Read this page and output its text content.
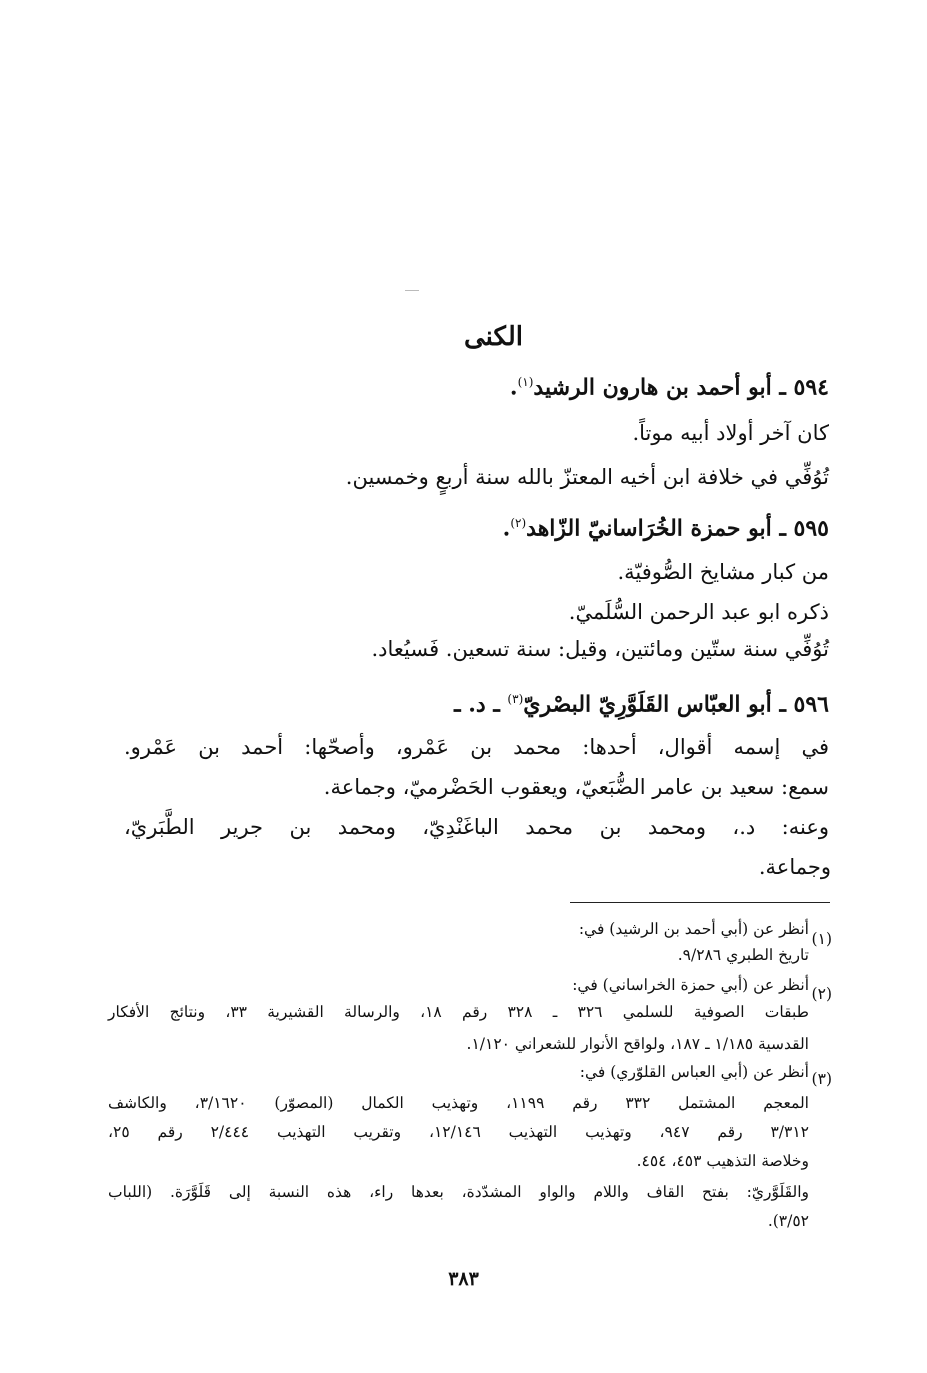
الكنى
٥٩٤ ـ أبو أحمد بن هارون الرشيد$^{(١)}$.
كان آخر أولاد أبيه موتاً.
تُوُفِّي في خلافة ابن أخيه المعتزّ بالله سنة أربعٍ وخمسين.
٥٩٥ ـ أبو حمزة الخُرَاسانيّ الزّاهد$^{(٢)}$.
من كبار مشايخ الصُّوفيّة.
ذكره ابو عبد الرحمن السُّلَميّ.
تُوُفِّي سنة ستّين ومائتين، وقيل: سنة تسعين. فَسيُعاد.
٥٩٦ ـ أبو العبّاس القَلَوَّرِيّ البصْريّ$^{(٣)}$ ـ د. ـ
في إسمه أقوال، أحدها: محمد بن عَمْرو، وأصحّها: أحمد بن عَمْرو.
سمع: سعيد بن عامر الضُّبَعيّ، ويعقوب الحَضْرميّ، وجماعة.
وعنه: د.، ومحمد بن محمد الباغَنْدِيّ، ومحمد بن جرير الطَّبَريّ،
وجماعة.
(١)
أنظر عن (أبي أحمد بن الرشيد) في:
تاريخ الطبري ٩/٢٨٦.
(٢)
أنظر عن (أبي حمزة الخراساني) في:
طبقات الصوفية للسلمي ٣٢٦ ـ ٣٢٨ رقم ١٨، والرسالة القشيرية ٣٣، ونتائج الأفكار
القدسية ١/١٨٥ ـ ١٨٧، ولواقح الأنوار للشعراني ١/١٢٠.
(٣)
أنظر عن (أبي العباس القلوّري) في:
المعجم المشتمل ٣٣٢ رقم ١١٩٩، وتهذيب الكمال (المصوّر) ٣/١٦٢٠، والكاشف
٣/٣١٢ رقم ٩٤٧، وتهذيب التهذيب ١٢/١٤٦، وتقريب التهذيب ٢/٤٤٤ رقم ٢٥،
وخلاصة التذهيب ٤٥٣، ٤٥٤.
والقَلَوَّريّ: بفتح القاف واللام والواو المشدّدة، بعدها راء، هذه النسبة إلى قَلَوَّرَة. (اللباب
٣/٥٢).
٣٨٣
